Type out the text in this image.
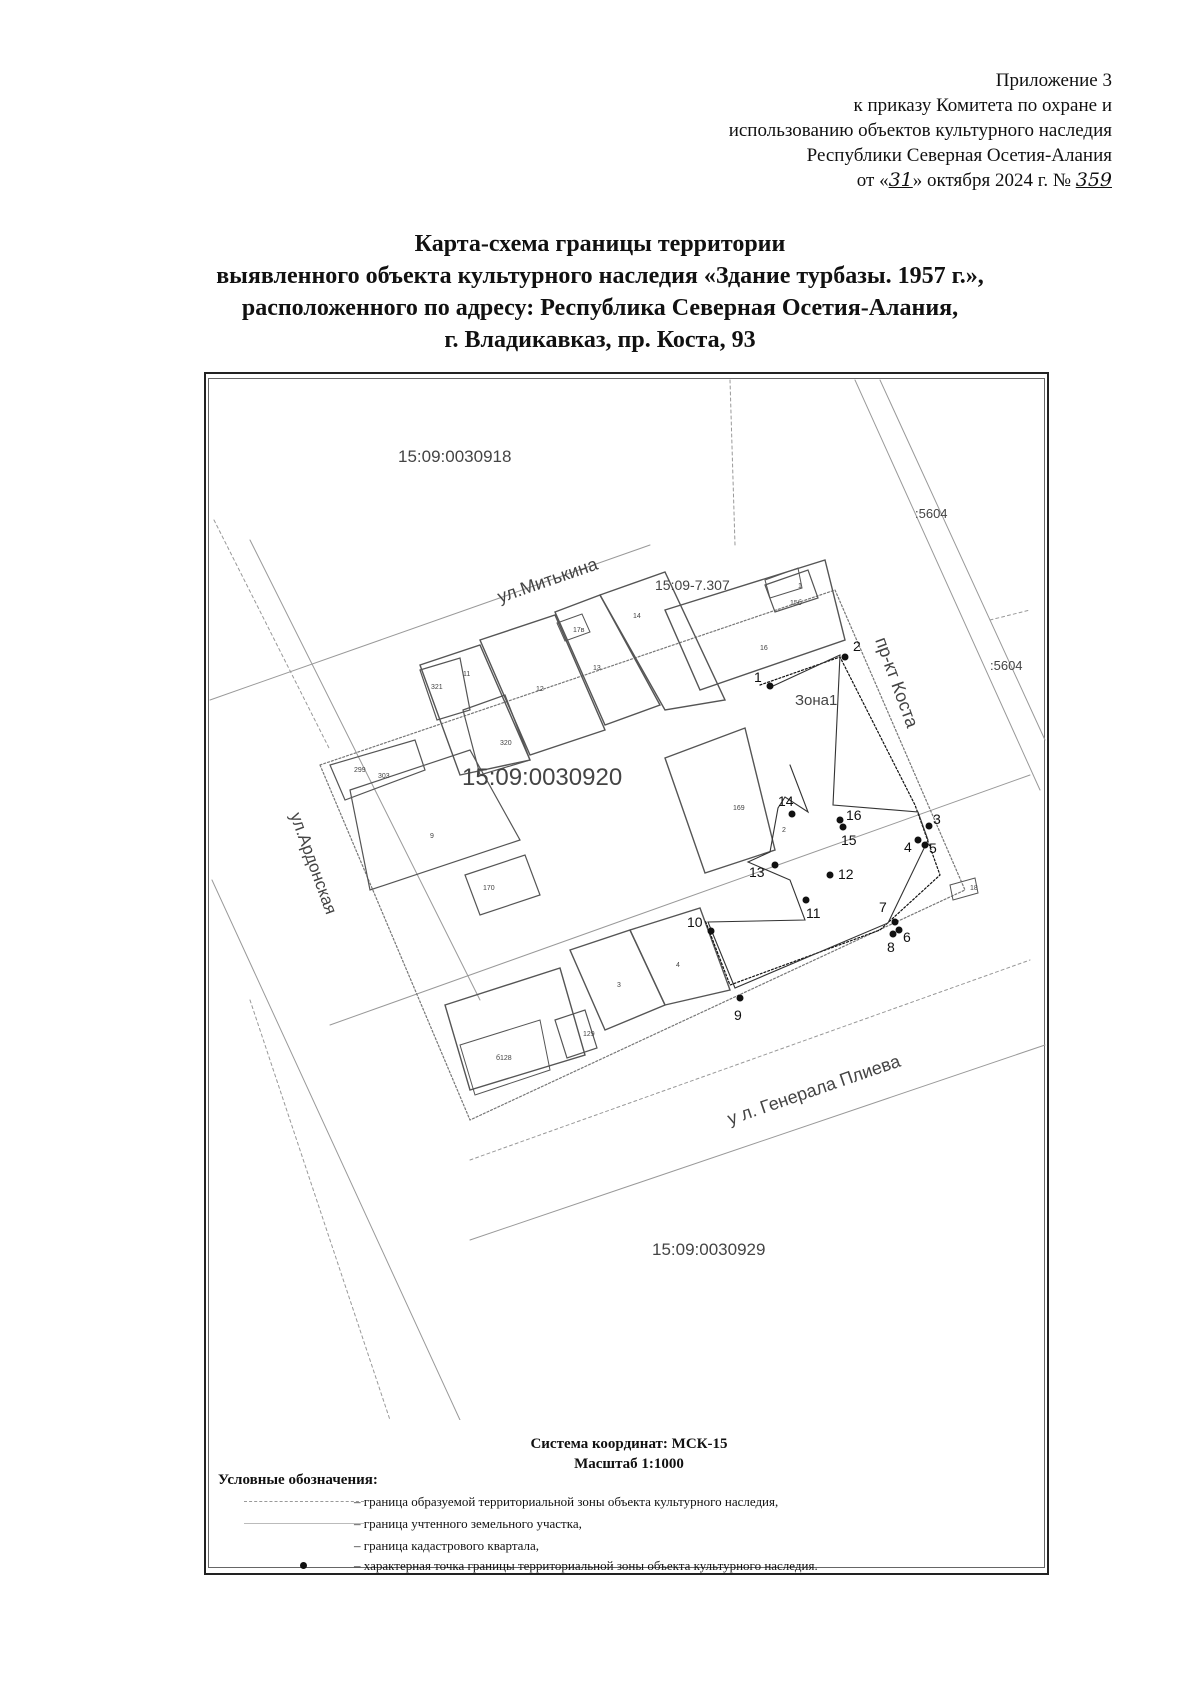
Приложение 3
к приказу Комитета по охране и
использованию объектов культурного наследия
Республики Северная Осетия-Алания
от «31» октября 2024 г. № 359
Карта-схема границы территории
выявленного объекта культурного наследия «Здание турбазы. 1957 г.»,
расположенного по адресу: Республика Северная Осетия-Алания,
г. Владикавказ, пр. Коста, 93
15:09:0030918
15:09:0030920
15:09:0030929
:5604
:5604
15:09-7.307
Зона1
ул.Митькина
пр-кт Коста
ул.Ардонская
у л. Генерала Плиева
1
15б
16
14
17в
13
12
321
11
320
299
303
9
170
169
3
4
129
б128
18
2
1
2
3
4 5
7
6
8
9
10
11
12
13
14
15
16
Система координат: МСК-15
Масштаб 1:1000
Условные обозначения:
– граница образуемой территориальной зоны объекта культурного наследия,
– граница учтенного земельного участка,
– граница кадастрового квартала,
– характерная точка границы территориальной зоны объекта культурного наследия.
